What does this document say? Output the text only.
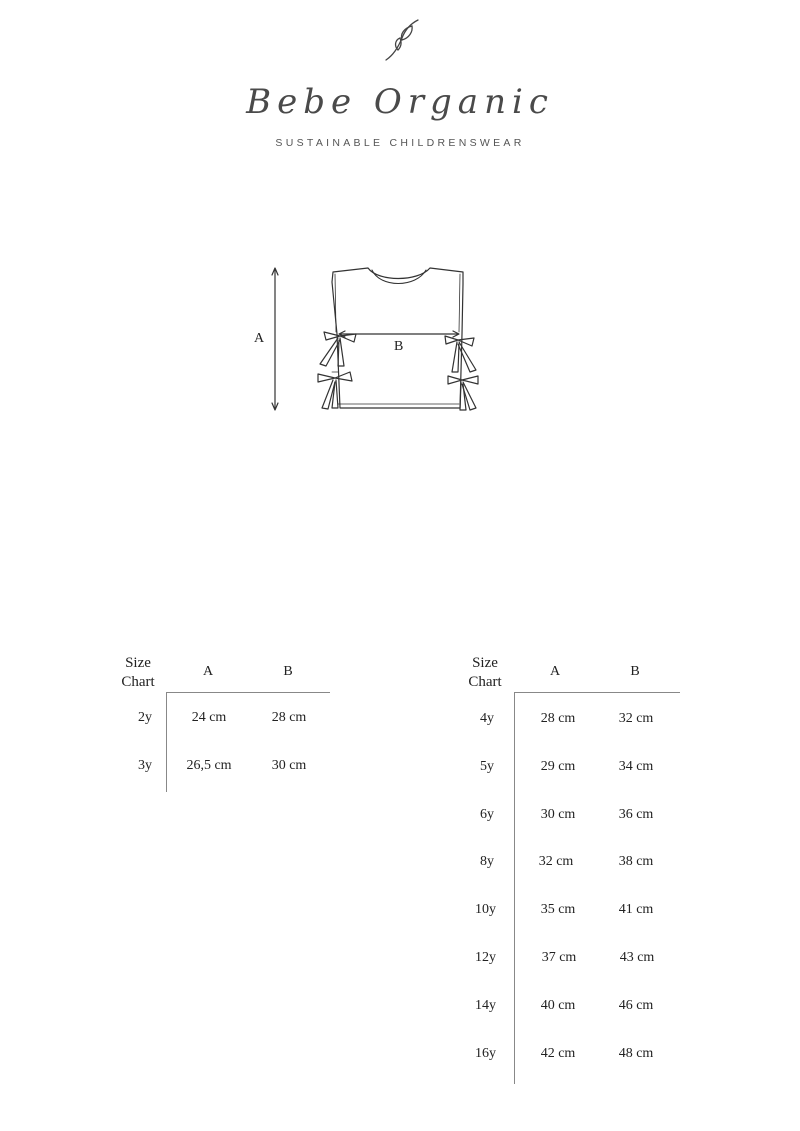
Bebe Organic
SUSTAINABLE CHILDRENSWEAR
A
B
Size
Chart
A	B
2y	24 cm	28 cm
3y	26,5 cm	30 cm
Size
Chart
A	B
4y	28 cm	32 cm
5y	29 cm	34 cm
6y	30 cm	36 cm
8y	32 cm	38 cm
10y	35 cm	41 cm
12y	37 cm	43 cm
14y	40 cm	46 cm
16y	42 cm	48 cm
